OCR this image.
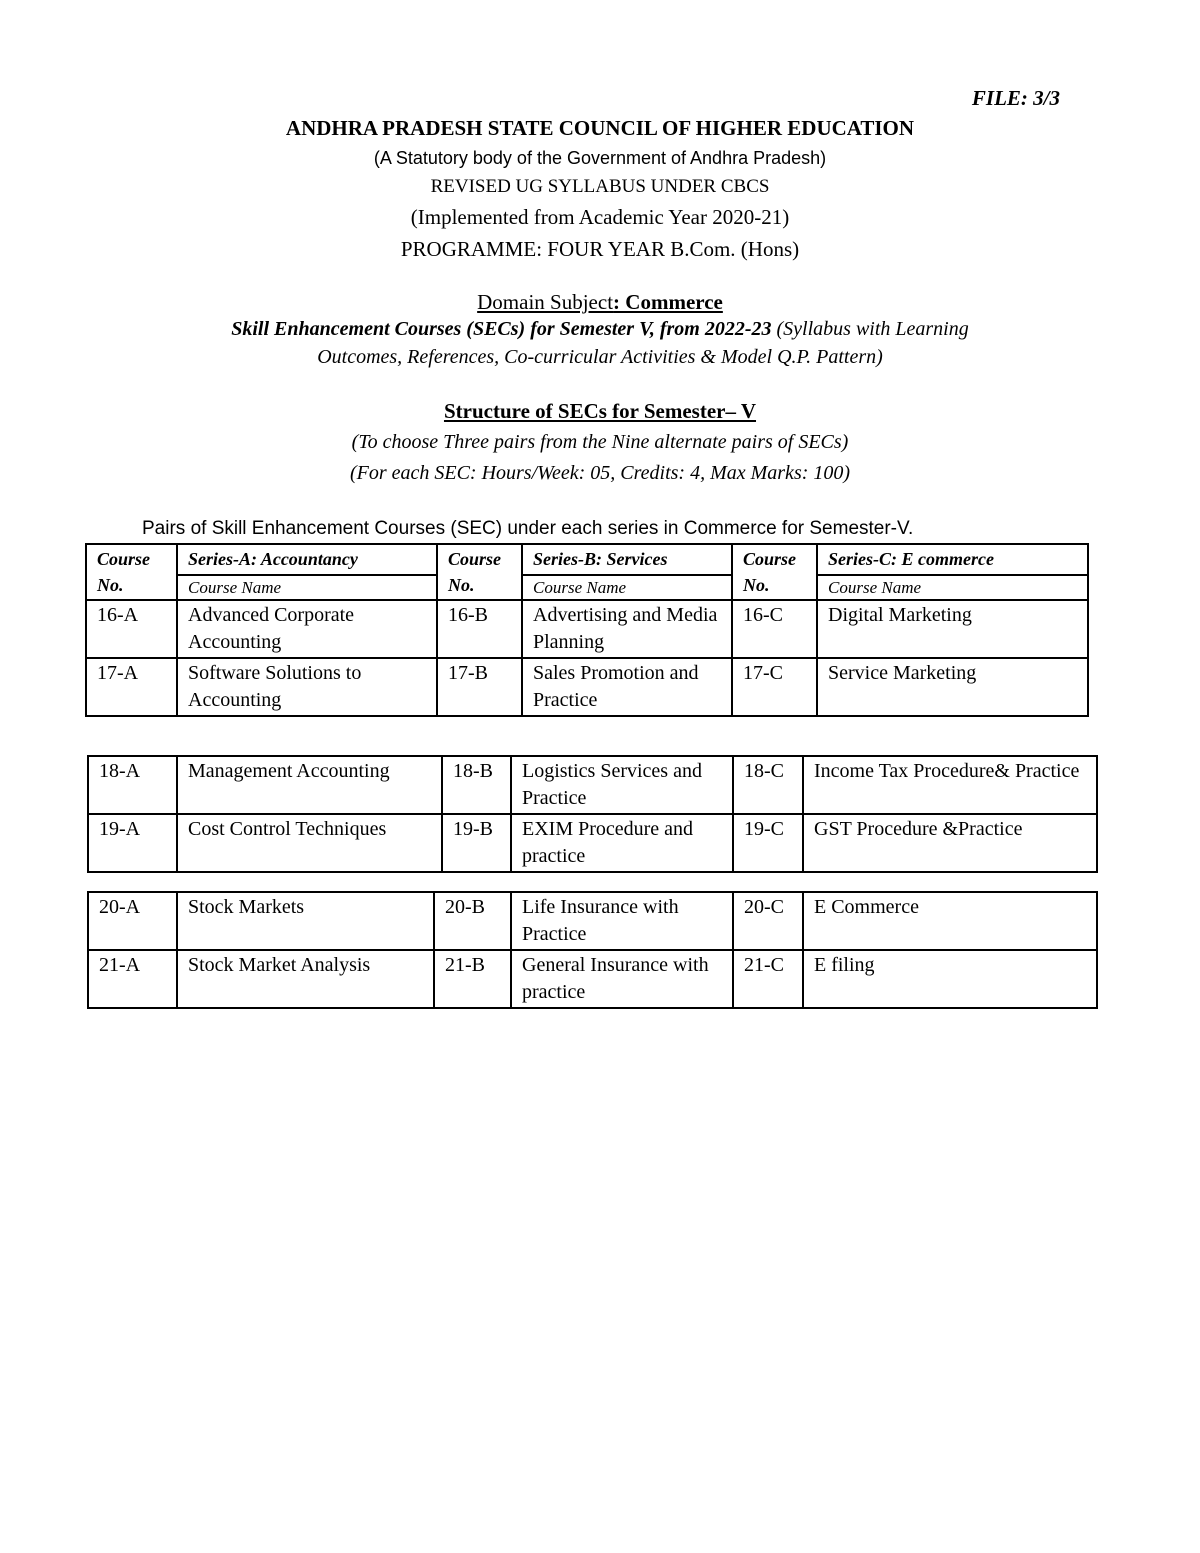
FILE: 3/3
ANDHRA PRADESH STATE COUNCIL OF HIGHER EDUCATION
(A Statutory body of the Government of Andhra Pradesh)
REVISED UG SYLLABUS UNDER CBCS
(Implemented from Academic Year 2020-21)
PROGRAMME: FOUR YEAR B.Com. (Hons)
Domain Subject: Commerce
Skill Enhancement Courses (SECs) for Semester V, from 2022-23 (Syllabus with Learning
Outcomes, References, Co-curricular Activities & Model Q.P. Pattern)
Structure of SECs for Semester– V
(To choose Three pairs from the Nine alternate pairs of SECs)
(For each SEC: Hours/Week: 05, Credits: 4, Max Marks: 100)
Pairs of Skill Enhancement Courses (SEC) under each series in Commerce for Semester-V.
Course No.	Series-A: Accountancy	Course No.	Series-B: Services	Course No.	Series-C: E commerce
	Course Name		Course Name		Course Name
16-A	Advanced Corporate Accounting	16-B	Advertising and Media Planning	16-C	Digital Marketing
17-A	Software Solutions to Accounting	17-B	Sales Promotion and Practice	17-C	Service Marketing
18-A	Management Accounting	18-B	Logistics Services and Practice	18-C	Income Tax Procedure& Practice
19-A	Cost Control Techniques	19-B	EXIM Procedure and practice	19-C	GST Procedure &Practice
20-A	Stock Markets	20-B	Life Insurance with Practice	20-C	E Commerce
21-A	Stock Market Analysis	21-B	General Insurance with practice	21-C	E filing
